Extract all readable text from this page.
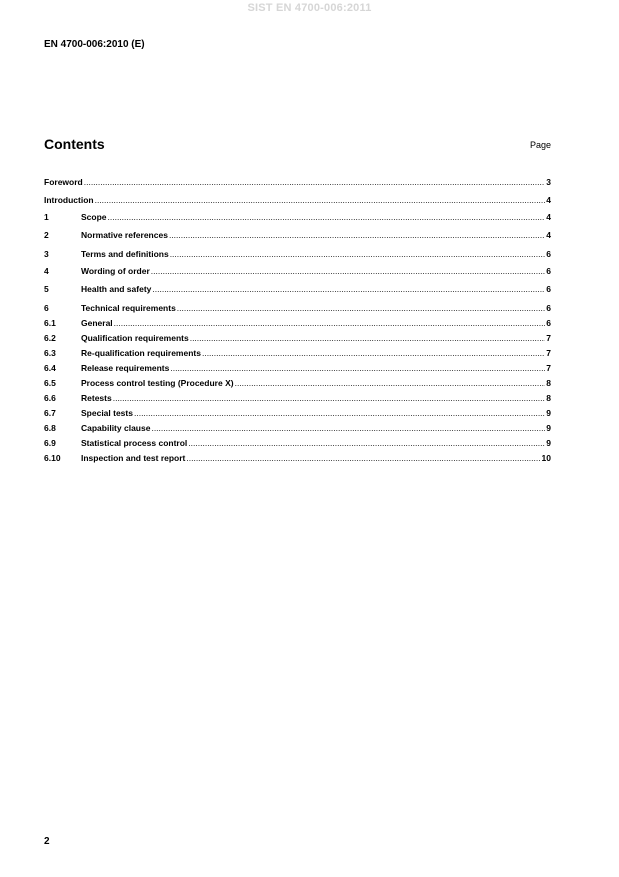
SIST EN 4700-006:2011
EN 4700-006:2010 (E)
Contents	Page
Foreword .....	3
Introduction .....	4
1	Scope .....	4
2	Normative references .....	4
3	Terms and definitions .....	6
4	Wording of order .....	6
5	Health and safety .....	6
6	Technical requirements .....	6
6.1	General .....	6
6.2	Qualification requirements .....	7
6.3	Re-qualification requirements .....	7
6.4	Release requirements .....	7
6.5	Process control testing (Procedure X) .....	8
6.6	Retests .....	8
6.7	Special tests .....	9
6.8	Capability clause .....	9
6.9	Statistical process control .....	9
6.10	Inspection and test report .....	10
2
